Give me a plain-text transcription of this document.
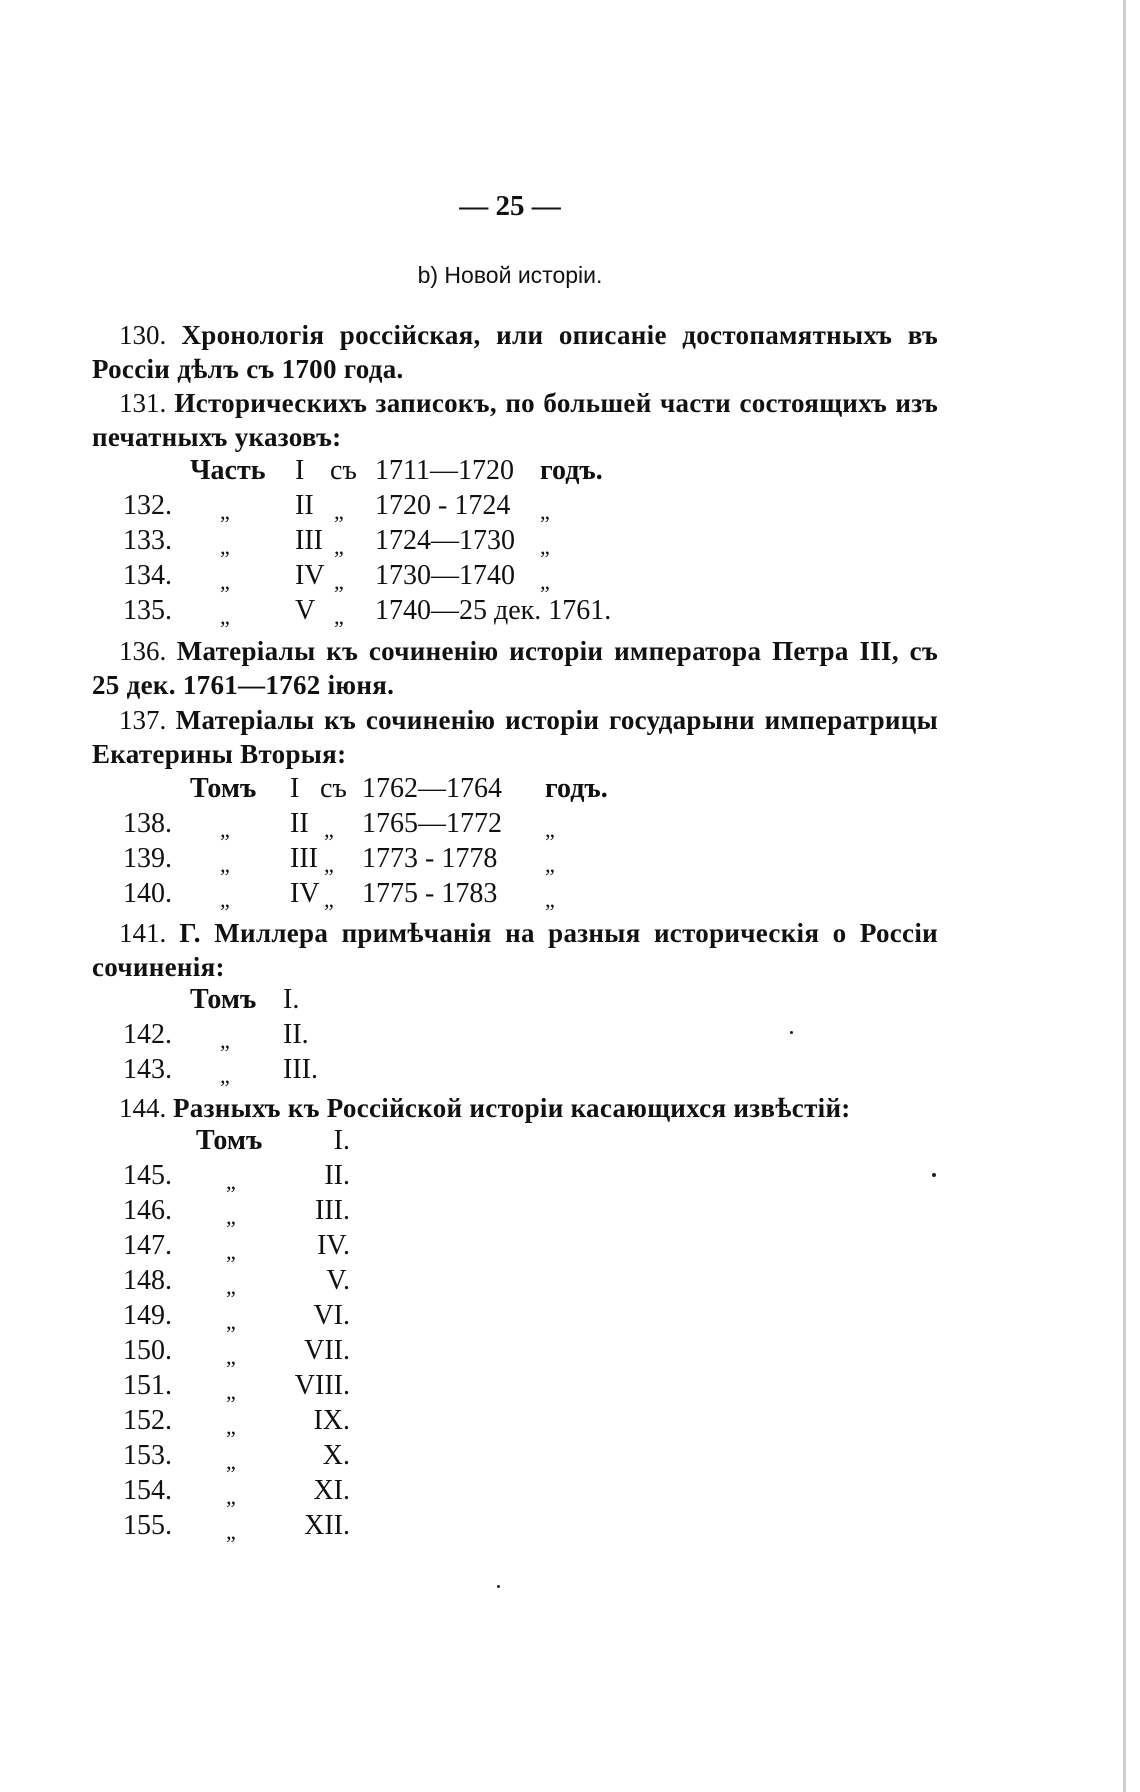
— 25 —
b) Новой исторіи.
130. Хронологія россійская, или описаніе достопамятныхъ въ Россіи дѣлъ съ 1700 года.
131. Историческихъ записокъ, по большей части состоящихъ изъ печатныхъ указовъ:
Часть I съ 1711—1720 годъ.
132. „ II „ 1720 - 1724 „
133. „ III „ 1724—1730 „
134. „ IV „ 1730—1740 „
135. „ V „ 1740—25 дек. 1761.
136. Матеріалы къ сочиненію исторіи императора Петра III, съ 25 дек. 1761—1762 іюня.
137. Матеріалы къ сочиненію исторіи государыни императрицы Екатерины Вторыя:
Томъ I съ 1762—1764 годъ.
138. „ II „ 1765—1772 „
139. „ III „ 1773 - 1778 „
140. „ IV „ 1775 - 1783 „
141. Г. Миллера примѣчанія на разныя историческія о Россіи сочиненія:
Томъ I.
142. „ II.
143. „ III.
144. Разныхъ къ Россійской исторіи касающихся извѣстій:
Томъ	I.
145. „	II.
146. „	III.
147. „	IV.
148. „	V.
149. „	VI.
150. „	VII.
151. „	VIII.
152. „	IX.
153. „	X.
154. „	XI.
155. „	XII.
